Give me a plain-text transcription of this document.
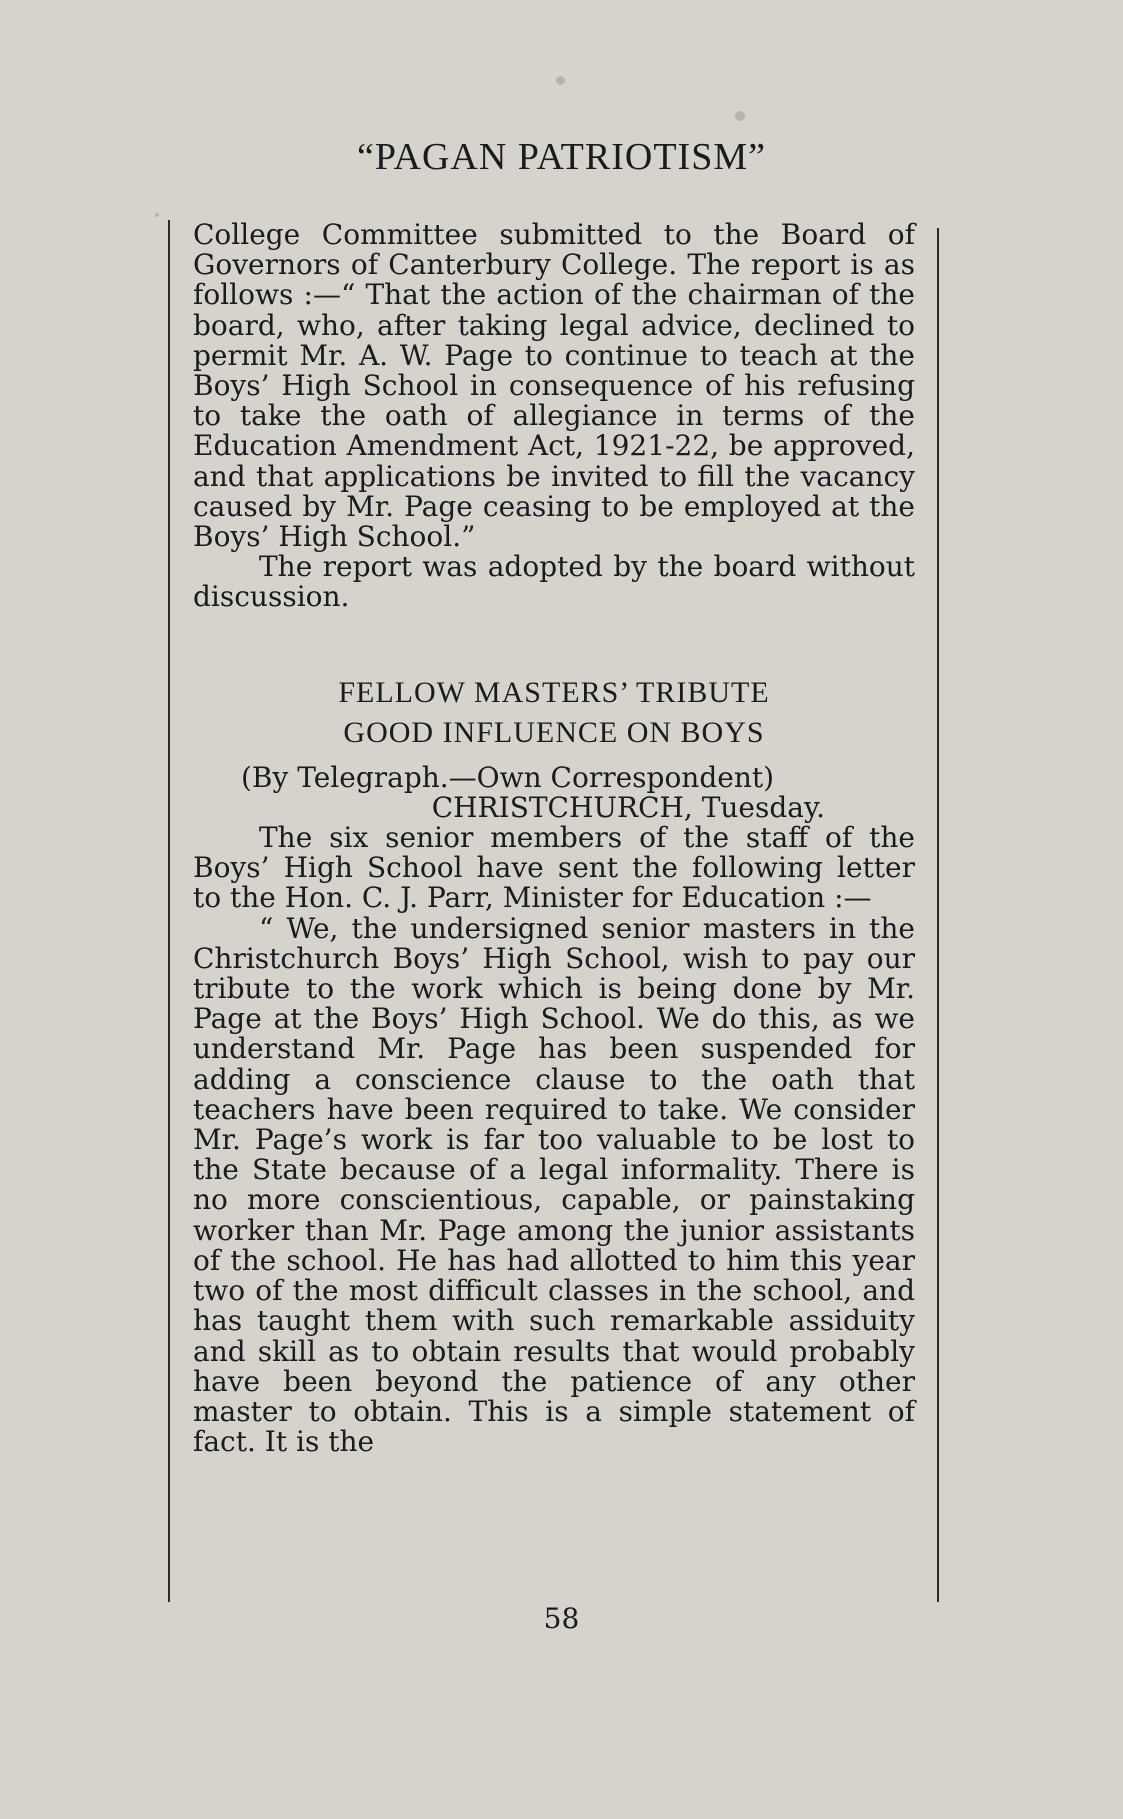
“PAGAN PATRIOTISM”

College Committee submitted to the Board of Governors of Canterbury College. The report is as follows :—“ That the action of the chairman of the board, who, after taking legal advice, declined to permit Mr. A. W. Page to continue to teach at the Boys’ High School in consequence of his refusing to take the oath of allegiance in terms of the Education Amendment Act, 1921-22, be approved, and that applications be invited to fill the vacancy caused by Mr. Page ceasing to be employed at the Boys’ High School.”

The report was adopted by the board without discussion.

FELLOW MASTERS’ TRIBUTE

GOOD INFLUENCE ON BOYS

(By Telegraph.—Own Correspondent)

CHRISTCHURCH, Tuesday.

The six senior members of the staff of the Boys’ High School have sent the following letter to the Hon. C. J. Parr, Minister for Education :—

“ We, the undersigned senior masters in the Christchurch Boys’ High School, wish to pay our tribute to the work which is being done by Mr. Page at the Boys’ High School. We do this, as we understand Mr. Page has been suspended for adding a conscience clause to the oath that teachers have been required to take. We consider Mr. Page’s work is far too valuable to be lost to the State because of a legal informality. There is no more conscientious, capable, or painstaking worker than Mr. Page among the junior assistants of the school. He has had allotted to him this year two of the most difficult classes in the school, and has taught them with such remarkable assiduity and skill as to obtain results that would probably have been beyond the patience of any other master to obtain. This is a simple statement of fact. It is the

58
